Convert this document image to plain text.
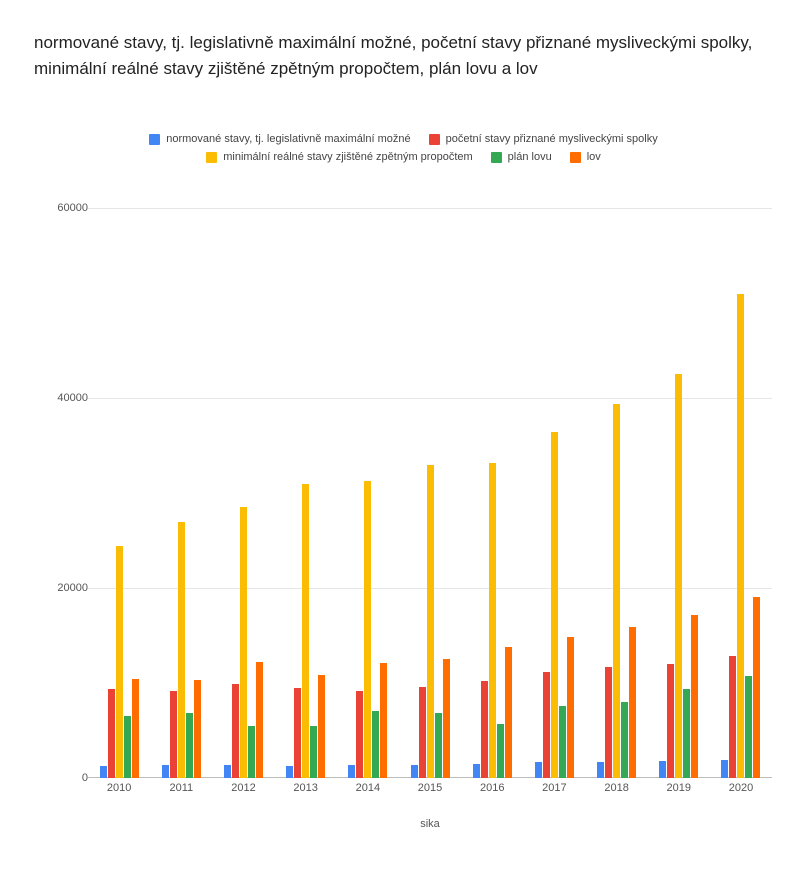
normované stavy, tj. legislativně maximální možné, početní stavy přiznané mysliveckými spolky, minimální reálné stavy zjištěné zpětným propočtem, plán lovu a lov
normované stavy, tj. legislativně maximální možné	početní stavy přiznané mysliveckými spolky
minimální reálné stavy zjištěné zpětným propočtem	plán lovu	lov
0
20000
40000
60000
2010	2011	2012	2013	2014	2015	2016	2017	2018	2019	2020
sika
